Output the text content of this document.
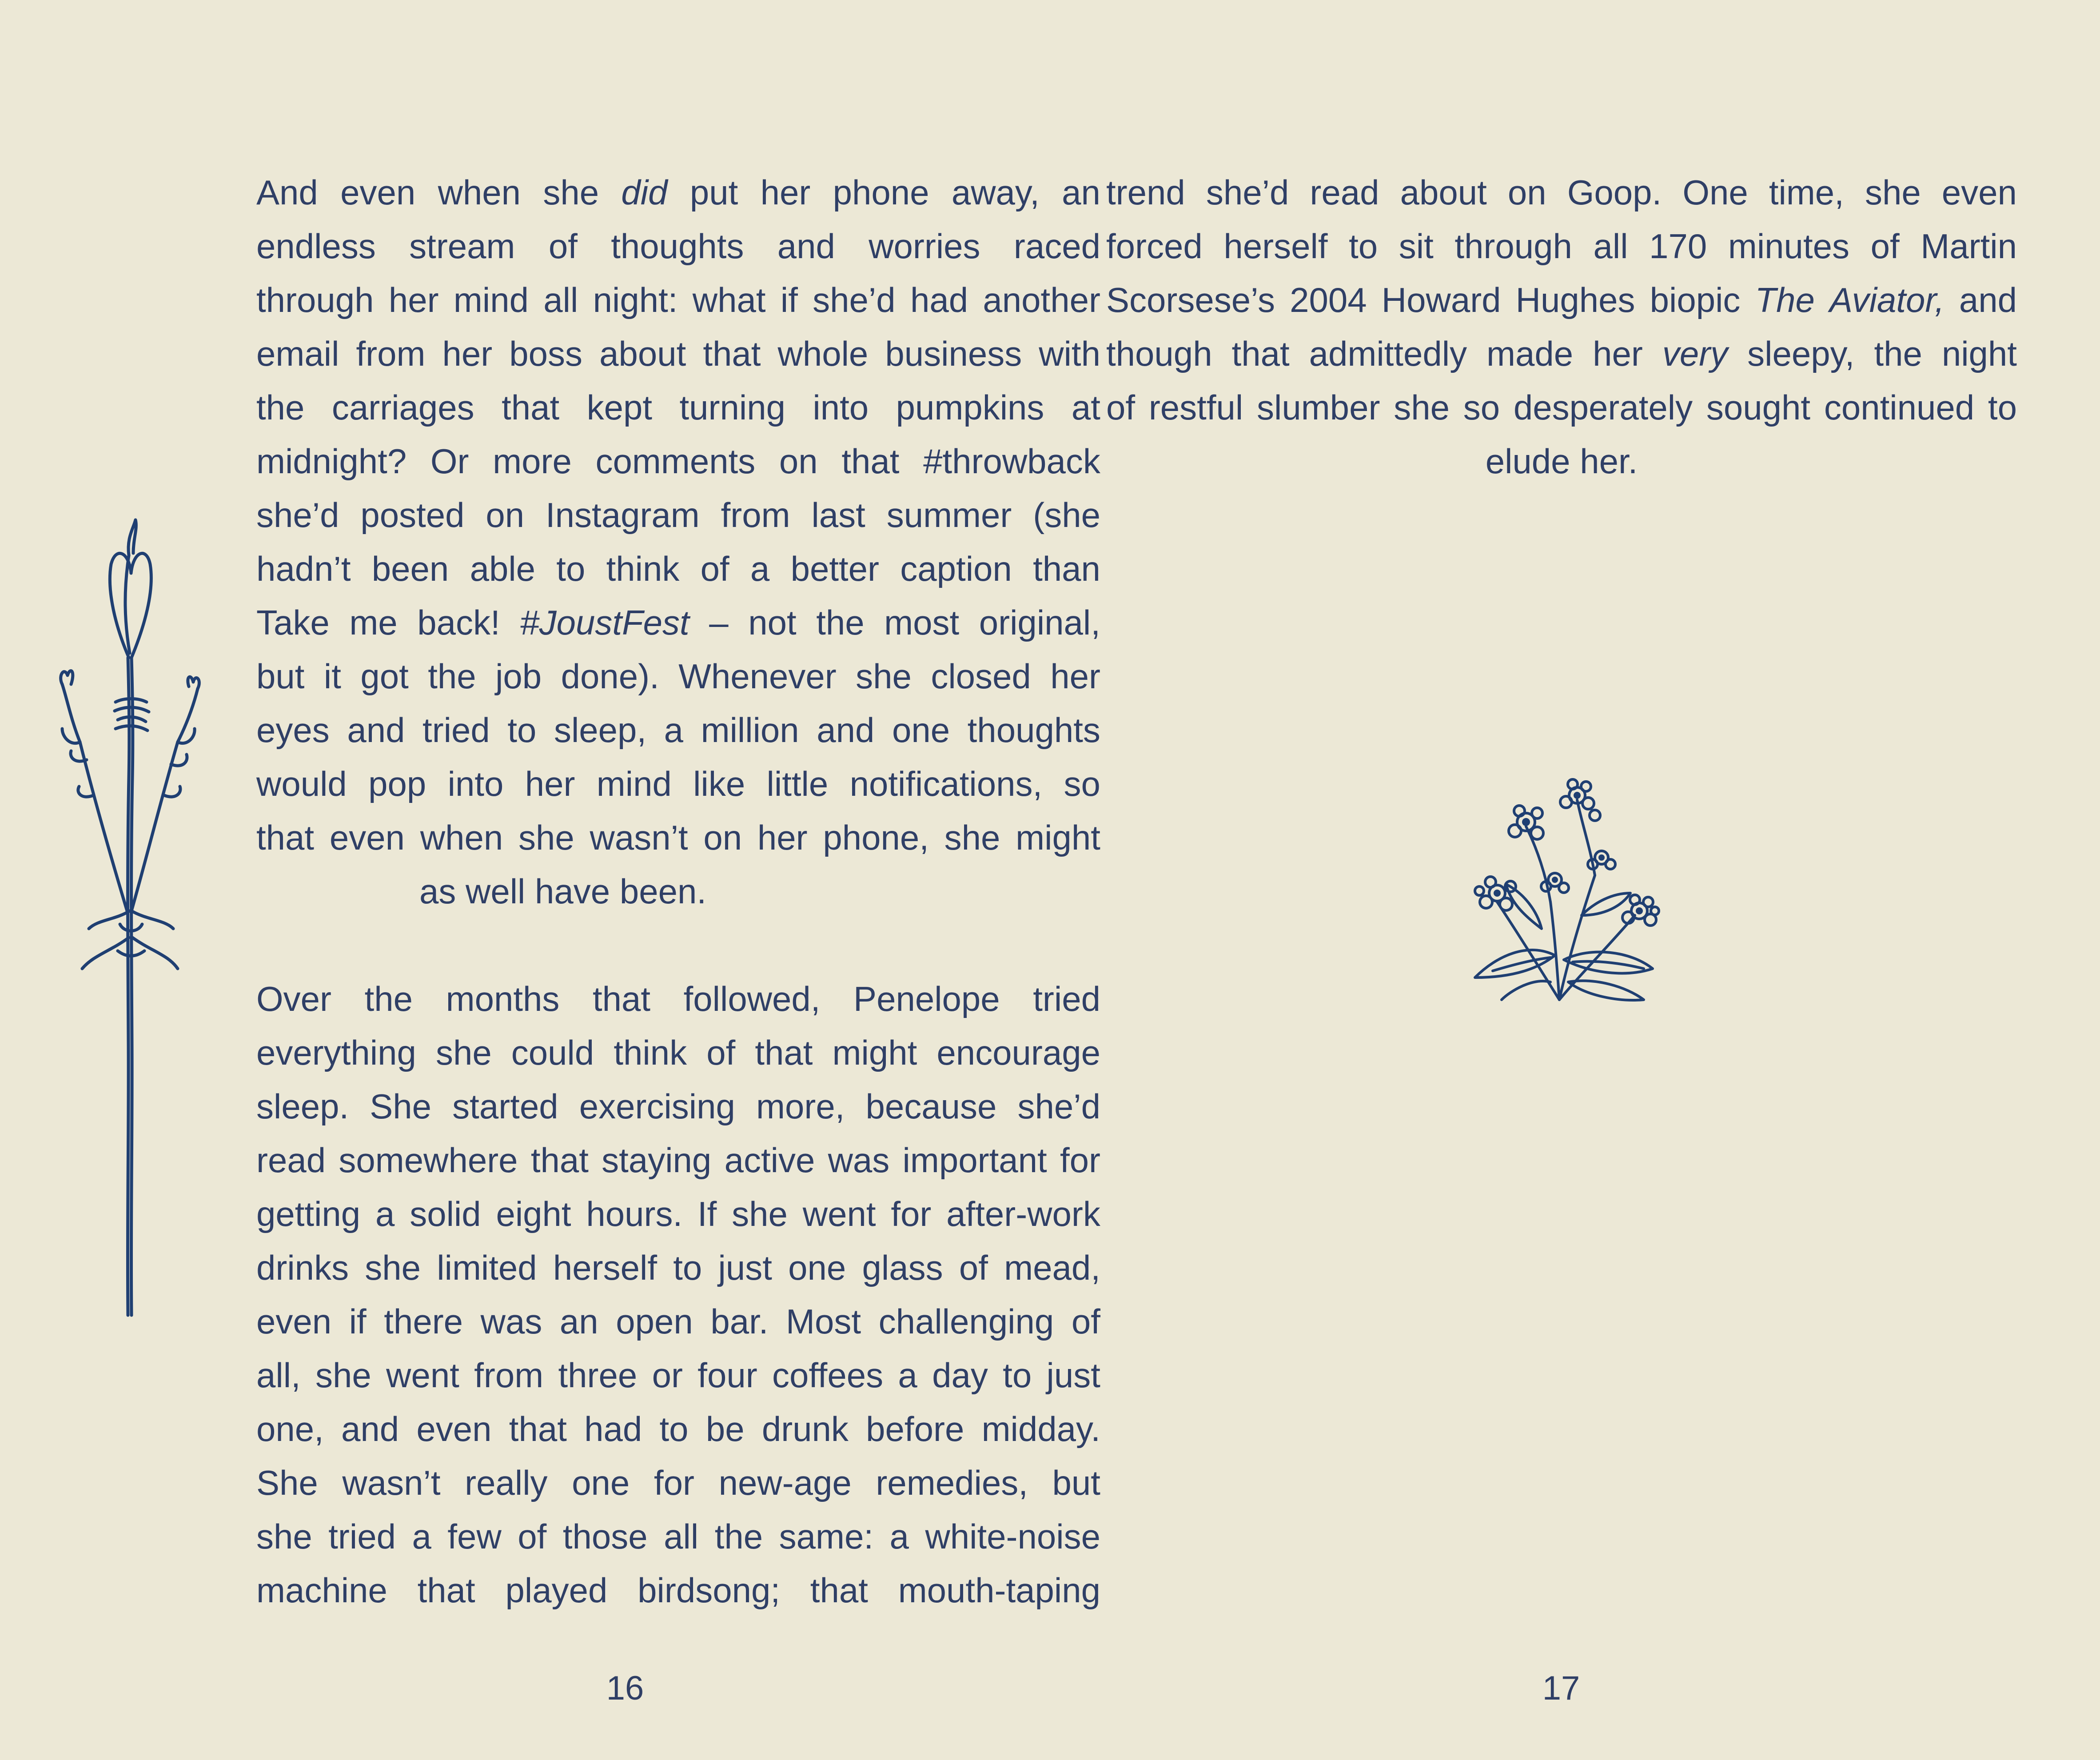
And even when she did put her phone away, an
endless stream of thoughts and worries raced
through her mind all night: what if she’d had another
email from her boss about that whole business with
the carriages that kept turning into pumpkins at
midnight? Or more comments on that #throwback
she’d posted on Instagram from last summer (she
hadn’t been able to think of a better caption than
Take me back! #JoustFest – not the most original,
but it got the job done). Whenever she closed her
eyes and tried to sleep, a million and one thoughts
would pop into her mind like little notifications, so
that even when she wasn’t on her phone, she might
as well have been.
Over the months that followed, Penelope tried
everything she could think of that might encourage
sleep. She started exercising more, because she’d
read somewhere that staying active was important for
getting a solid eight hours. If she went for after-work
drinks she limited herself to just one glass of mead,
even if there was an open bar. Most challenging of
all, she went from three or four coffees a day to just
one, and even that had to be drunk before midday.
She wasn’t really one for new-age remedies, but
she tried a few of those all the same: a white-noise
machine that played birdsong; that mouth-taping
16
trend she’d read about on Goop. One time, she even
forced herself to sit through all 170 minutes of Martin
Scorsese’s 2004 Howard Hughes biopic The Aviator, and
though that admittedly made her very sleepy, the night
of restful slumber she so desperately sought continued to
elude her.
17
